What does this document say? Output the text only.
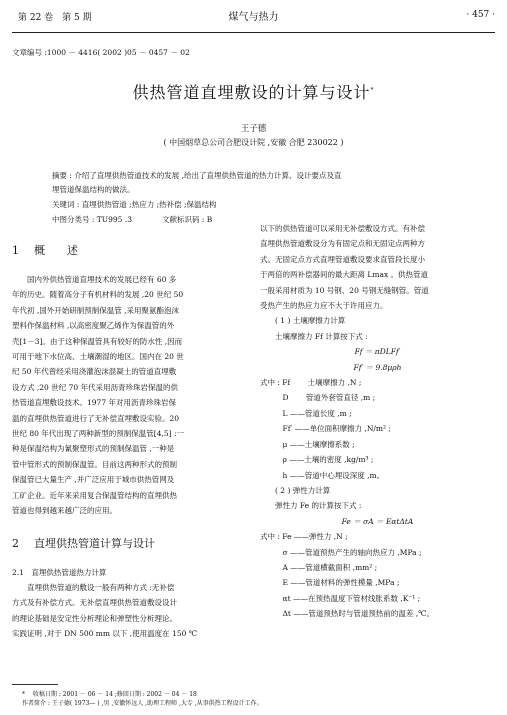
第 22 卷　第 5 期	煤气与热力	· 457 ·
文章编号 :1000 － 4416( 2002 )05 － 0457 － 02
供热管道直埋敷设的计算与设计*
王子德
( 中国烟草总公司合肥设计院 ,安徽 合肥 230022 )
摘要 : 介绍了直埋供热管道技术的发展 ,给出了直埋供热管道的热力计算、设计要点及直
埋管道保温结构的做法。
关键词 : 直埋供热管道 ;热应力 ;热补偿 ;保温结构
中图分类号 : TU995 .3　　　　文献标识码 : B
1 概　　述

国内外供热管道直埋技术的发展已经有 60 多

年的历史。随着高分子有机材料的发展 ,20 世纪 50

年代初 ,国外开始研制预制保温管 ,采用聚氨酯泡沫

塑料作保温材料 ,以高密度聚乙烯作为保温管的外

壳[1－3]。由于这种保温管具有较好的防水性 ,因而

可用于地下水位高、土壤潮湿的地区。国内在 20 世

纪 50 年代曾经采用浇灌泡沫混凝土的管道直埋敷

设方式 ,20 世纪 70 年代采用沥青珍珠岩保温的供

热管道直埋敷设技术。1977 年对用沥青珍珠岩保

温的直埋供热管道进行了无补偿直埋敷设实验。20

世纪 80 年代出现了两种新型的预制保温管[4,5] :一

种是保温结构为氰聚塑形式的预制保温管 ,一种是

管中管形式的预制保温管。目前这两种形式的预制

保温管已大量生产 ,并广泛应用于城市供热管网及

工矿企业。近年来采用复合保温管结构的直埋供热

管道也得到越来越广泛的应用。

2 直埋供热管道计算与设计

2.1　直埋供热管道热力计算

直埋供热管道的敷设一般有两种方式 :无补偿

方式及有补偿方式。无补偿直埋供热管道敷设设计

的理论基础是安定性分析理论和弹塑性分析理论。

实践证明 ,对于 DN 500 mm 以下 ,使用温度在 150 ℃

以下的供热管道可以采用无补偿敷设方式。有补偿

直埋供热管道敷设分为有固定点和无固定点两种方

式。无固定点方式直埋管道敷设要求直管段长度小

于两倍的两补偿器间的最大距离 Lmax 。供热管道

一般采用材质为 10 号钢、20 号钢无缝钢管。管道

受热产生的热应力应不大于许用应力。

( 1 ) 土壤摩擦力计算

土壤摩擦力 Ff 计算按下式 :

Ff ＝ πDLFf′

Ff′ ＝ 9.8μρh

式中 : Ff 　　土壤摩擦力 ,N ;

　　　D 　　管道外套管直径 ,m ;

　　　L ——管道长度 ,m ;

　　　Ff′ ——单位面积摩擦力 ,N/m² ;

　　　μ ——土壤摩擦系数 ;

　　　ρ ——土壤的密度 ,kg/m³ ;

　　　h ——管道中心埋设深度 ,m。

( 2 ) 弹性力计算

弹性力 Fe 的计算按下式 :

Fe ＝ σA ＝ EαtΔtA

式中 : Fe ——弹性力 ,N ;

　　　σ ——管道预热产生的轴向热应力 ,MPa ;

　　　A ——管道横截面积 ,mm² ;

　　　E ——管道材料的弹性模量 ,MPa ;

　　　αt ——在预热温度下管材线胀系数 ,K⁻¹ ;

　　　Δt ——管道预热时与管道预热前的温差 ,℃。

* 　收稿日期 : 2001 － 06 － 14 ;修回日期 : 2002 － 04 － 18
作者简介 : 王子德( 1973— ) ,男 ,安徽怀远人 ,助理工程师 ,大专 ,从事供热工程设计工作。
